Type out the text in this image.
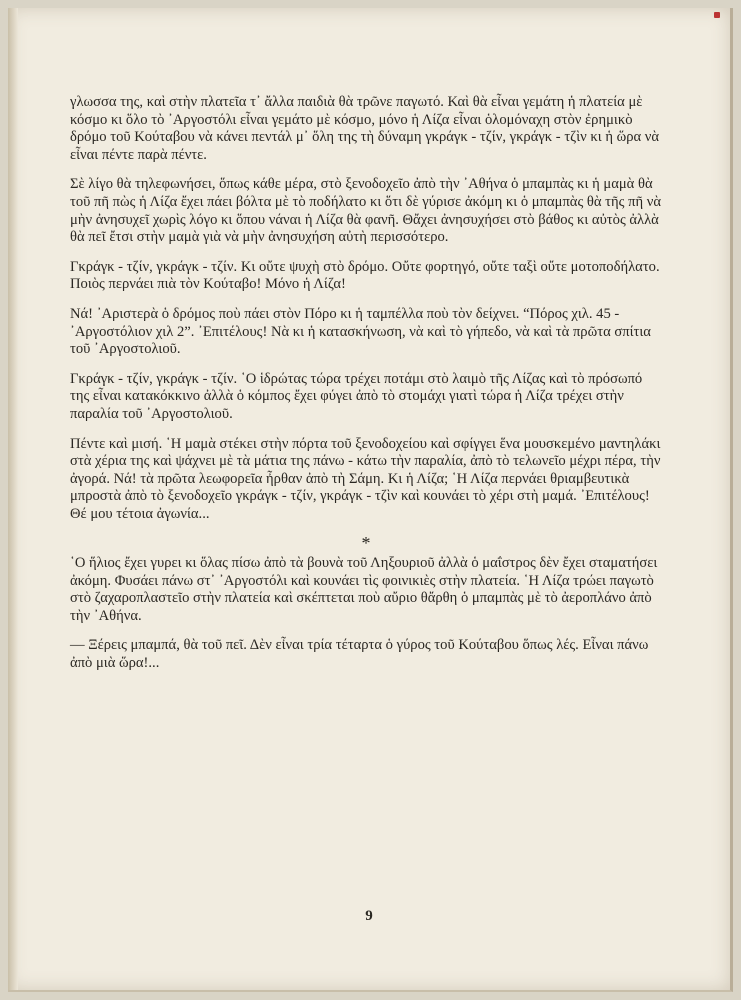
γλωσσα της, καὶ στὴν πλατεῖα τ᾽ ἄλλα παιδιὰ θὰ τρῶνε παγωτό. Καὶ θὰ εἶναι γεμάτη ἡ πλατεία μὲ κόσμο κι ὅλο τὸ ᾽Αργοστόλι εἶναι γεμάτο μὲ κόσμο, μόνο ἡ Λίζα εἶναι ὁλομόναχη στὸν ἐρημικὸ δρόμο τοῦ Κούταβου νὰ κάνει πεντάλ μ᾽ ὅλη της τὴ δύναμη γκράγκ - τζίν, γκράγκ - τζὶν κι ἡ ὥρα νὰ εἶναι πέντε παρὰ πέντε.

Σὲ λίγο θὰ τηλεφωνήσει, ὅπως κάθε μέρα, στὸ ξενοδοχεῖο ἀπὸ τὴν ᾽Αθήνα ὁ μπαμπὰς κι ἡ μαμὰ θὰ τοῦ πῆ πὼς ἡ Λίζα ἔχει πάει βόλτα μὲ τὸ ποδήλατο κι ὅτι δὲ γύρισε ἀκόμη κι ὁ μπαμπὰς θὰ τῆς πῆ νὰ μὴν ἀνησυχεῖ χωρὶς λόγο κι ὅπου νάναι ἡ Λίζα θὰ φανῆ. Θἄχει ἀνησυχήσει στὸ βάθος κι αὐτὸς ἀλλὰ θὰ πεῖ ἔτσι στὴν μαμὰ γιὰ νὰ μὴν ἀνησυχήση αὐτὴ περισσότερο.

Γκράγκ - τζίν, γκράγκ - τζίν. Κι οὔτε ψυχὴ στὸ δρόμο. Οὔτε φορτηγό, οὔτε ταξὶ οὔτε μοτοποδήλατο. Ποιὸς περνάει πιὰ τὸν Κούταβο! Μόνο ἡ Λίζα!

Νά! ᾽Αριστερὰ ὁ δρόμος ποὺ πάει στὸν Πόρο κι ἡ ταμπέλλα ποὺ τὸν δείχνει. “Πόρος χιλ. 45 - ᾽Αργοστόλιον χιλ 2”. ᾽Επιτέλους! Νὰ κι ἡ κατασκήνωση, νὰ καὶ τὸ γήπεδο, νὰ καὶ τὰ πρῶτα σπίτια τοῦ ᾽Αργοστολιοῦ.

Γκράγκ - τζίν, γκράγκ - τζίν. ῾Ο ἱδρώτας τώρα τρέχει ποτάμι στὸ λαιμὸ τῆς Λίζας καὶ τὸ πρόσωπό της εἶναι κατακόκκινο ἀλλὰ ὁ κόμπος ἔχει φύγει ἀπὸ τὸ στομάχι γιατὶ τώρα ἡ Λίζα τρέχει στὴν παραλία τοῦ ᾽Αργοστολιοῦ.

Πέντε καὶ μισή. ῾Η μαμὰ στέκει στὴν πόρτα τοῦ ξενοδοχείου καὶ σφίγγει ἕνα μουσκεμένο μαντηλάκι στὰ χέρια της καὶ ψάχνει μὲ τὰ μάτια της πάνω - κάτω τὴν παραλία, ἀπὸ τὸ τελωνεῖο μέχρι πέρα, τὴν ἀγορά. Νά! τὰ πρῶτα λεωφορεῖα ἦρθαν ἀπὸ τὴ Σάμη. Κι ἡ Λίζα; ῾Η Λίζα περνάει θριαμβευτικὰ μπροστὰ ἀπὸ τὸ ξενοδοχεῖο γκράγκ - τζίν, γκράγκ - τζὶν καὶ κουνάει τὸ χέρι στὴ μαμά. ᾽Επιτέλους! Θέ μου τέτοια ἀγωνία...

*

῾Ο ἥλιος ἔχει γυρει κι ὅλας πίσω ἀπὸ τὰ βουνὰ τοῦ Ληξουριοῦ ἀλλὰ ὁ μαΐστρος δὲν ἔχει σταματήσει ἀκόμη. Φυσάει πάνω στ᾽ ᾽Αργοστόλι καὶ κουνάει τὶς φοινικιὲς στὴν πλατεία. ῾Η Λίζα τρώει παγωτὸ στὸ ζαχαροπλαστεῖο στὴν πλατεία καὶ σκέπτεται ποὺ αὔριο θἄρθη ὁ μπαμπὰς μὲ τὸ ἀεροπλάνο ἀπὸ τὴν ᾽Αθήνα.

— Ξέρεις μπαμπά, θὰ τοῦ πεῖ. Δὲν εἶναι τρία τέταρτα ὁ γύρος τοῦ Κούταβου ὅπως λές. Εἶναι πάνω ἀπὸ μιὰ ὥρα!...

9
